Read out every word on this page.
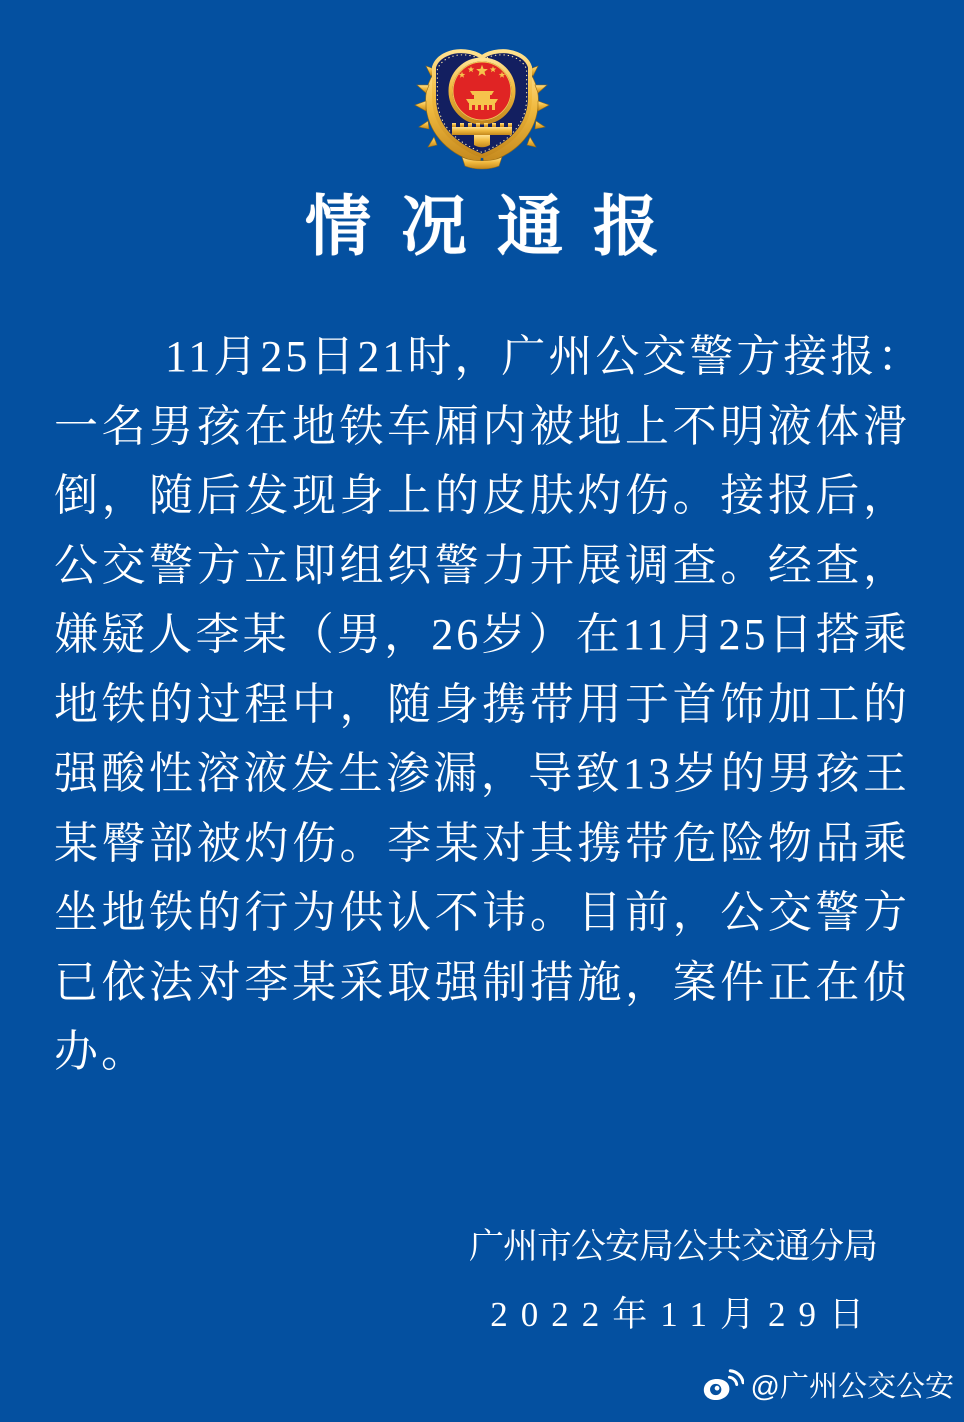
情况通报
11月25日21时，广州公交警方接报：
一名男孩在地铁车厢内被地上不明液体滑
倒，随后发现身上的皮肤灼伤。接报后，
公交警方立即组织警力开展调查。经查，
嫌疑人李某（男，26岁）在11月25日搭乘
地铁的过程中，随身携带用于首饰加工的
强酸性溶液发生渗漏，导致13岁的男孩王
某臀部被灼伤。李某对其携带危险物品乘
坐地铁的行为供认不讳。目前，公交警方
已依法对李某采取强制措施，案件正在侦
办。
广州市公安局公共交通分局
2022年11月29日
@广州公交公安
